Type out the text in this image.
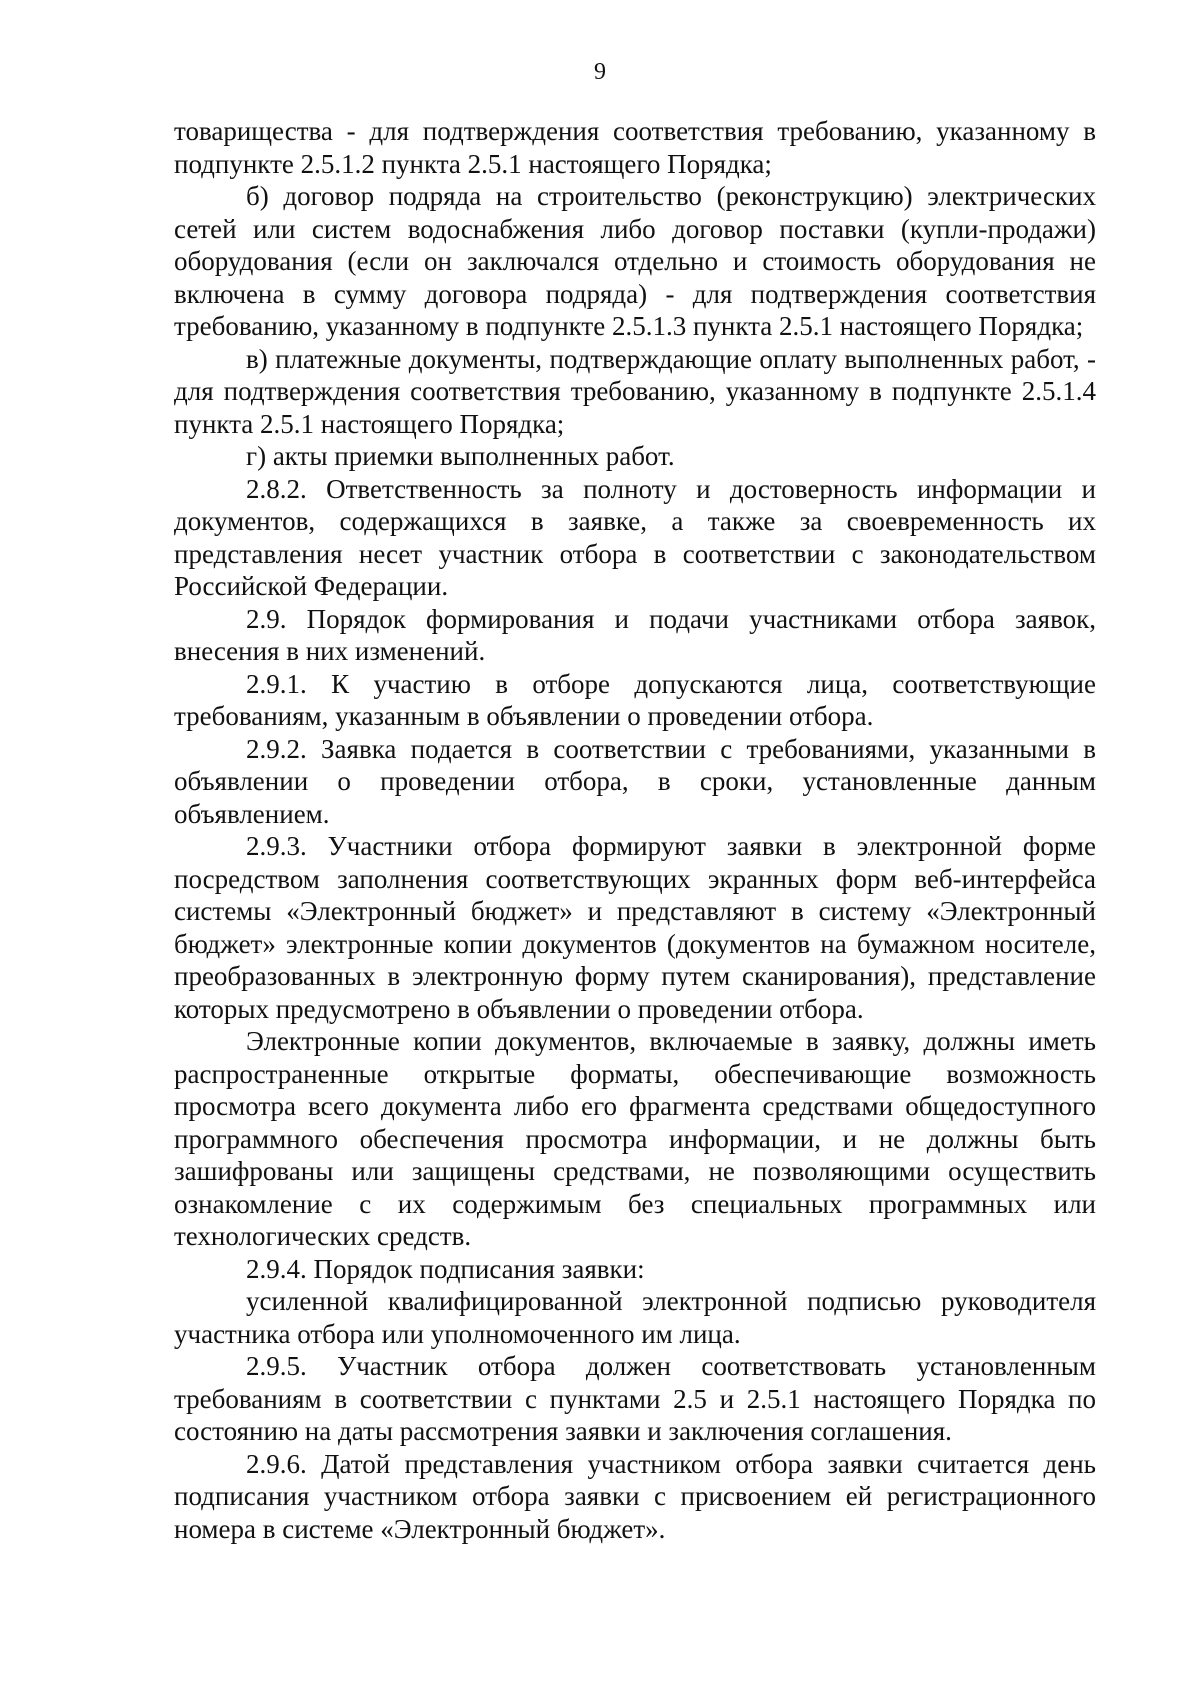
9

товарищества - для подтверждения соответствия требованию, указанному в подпункте 2.5.1.2 пункта 2.5.1 настоящего Порядка;

б) договор подряда на строительство (реконструкцию) электрических сетей или систем водоснабжения либо договор поставки (купли-продажи) оборудования (если он заключался отдельно и стоимость оборудования не включена в сумму договора подряда) - для подтверждения соответствия требованию, указанному в подпункте 2.5.1.3 пункта 2.5.1 настоящего Порядка;

в) платежные документы, подтверждающие оплату выполненных работ, - для подтверждения соответствия требованию, указанному в подпункте 2.5.1.4 пункта 2.5.1 настоящего Порядка;

г) акты приемки выполненных работ.

2.8.2. Ответственность за полноту и достоверность информации и документов, содержащихся в заявке, а также за своевременность их представления несет участник отбора в соответствии с законодательством Российской Федерации.

2.9. Порядок формирования и подачи участниками отбора заявок, внесения в них изменений.

2.9.1. К участию в отборе допускаются лица, соответствующие требованиям, указанным в объявлении о проведении отбора.

2.9.2. Заявка подается в соответствии с требованиями, указанными в объявлении о проведении отбора, в сроки, установленные данным объявлением.

2.9.3. Участники отбора формируют заявки в электронной форме посредством заполнения соответствующих экранных форм веб-интерфейса системы «Электронный бюджет» и представляют в систему «Электронный бюджет» электронные копии документов (документов на бумажном носителе, преобразованных в электронную форму путем сканирования), представление которых предусмотрено в объявлении о проведении отбора.

Электронные копии документов, включаемые в заявку, должны иметь распространенные открытые форматы, обеспечивающие возможность просмотра всего документа либо его фрагмента средствами общедоступного программного обеспечения просмотра информации, и не должны быть зашифрованы или защищены средствами, не позволяющими осуществить ознакомление с их содержимым без специальных программных или технологических средств.

2.9.4. Порядок подписания заявки:

усиленной квалифицированной электронной подписью руководителя участника отбора или уполномоченного им лица.

2.9.5. Участник отбора должен соответствовать установленным требованиям в соответствии с пунктами 2.5 и 2.5.1 настоящего Порядка по состоянию на даты рассмотрения заявки и заключения соглашения.

2.9.6. Датой представления участником отбора заявки считается день подписания участником отбора заявки с присвоением ей регистрационного номера в системе «Электронный бюджет».
